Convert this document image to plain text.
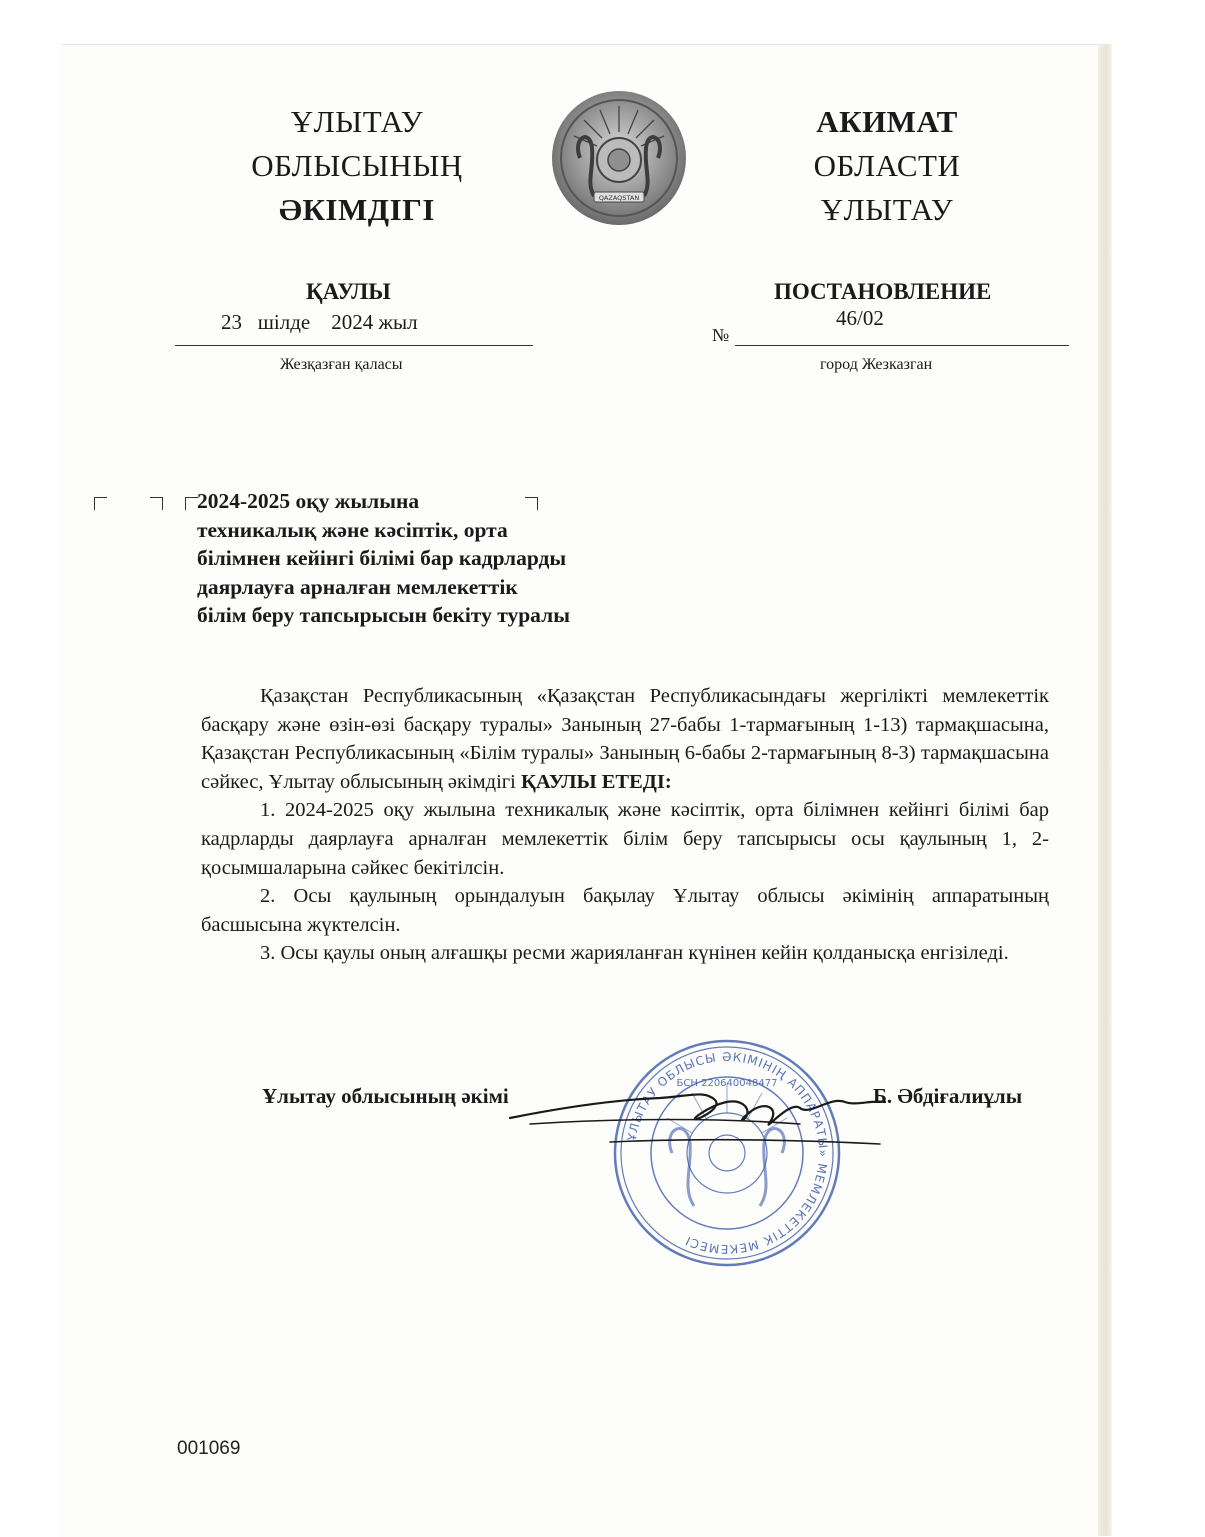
ҰЛЫТАУ
ОБЛЫСЫНЫҢ
ӘКІМДІГІ	QAZAQSTAN
АКИМАТ
ОБЛАСТИ
ҰЛЫТАУ
ҚАУЛЫ
23 шілде 2024 жыл
Жезқазған қаласы
ПОСТАНОВЛЕНИЕ
№
46/02
город Жезказган
2024-2025 оқу жылына
техникалық және кәсіптік, орта
білімнен кейінгі білімі бар кадрларды
даярлауға арналған мемлекеттік
білім беру тапсырысын бекіту туралы

Қазақстан Республикасының «Қазақстан Республикасындағы жергілікті мемлекеттік басқару және өзін-өзі басқару туралы» Занының 27-бабы 1-тармағының 1-13) тармақшасына, Қазақстан Республикасының «Білім туралы» Занының 6-бабы 2-тармағының 8-3) тармақшасына сәйкес, Ұлытау облысының әкімдігі ҚАУЛЫ ЕТЕДІ:

1. 2024-2025 оқу жылына техникалық және кәсіптік, орта білімнен кейінгі білімі бар кадрларды даярлауға арналған мемлекеттік білім беру тапсырысы осы қаулының 1, 2- қосымшаларына сәйкес бекітілсін.

2. Осы қаулының орындалуын бақылау Ұлытау облысы әкімінің аппаратының басшысына жүктелсін.

3. Осы қаулы оның алғашқы ресми жарияланған күнінен кейін қолданысқа енгізіледі.

ҰЛЫТАУ ОБЛЫСЫ ӘКІМІНІҢ АППАРАТЫ» МЕМЛЕКЕТТІК МЕКЕМЕСІ
БСН 220640048477
Ұлытау облысының әкімі	Б. Әбдіғалиұлы
001069
